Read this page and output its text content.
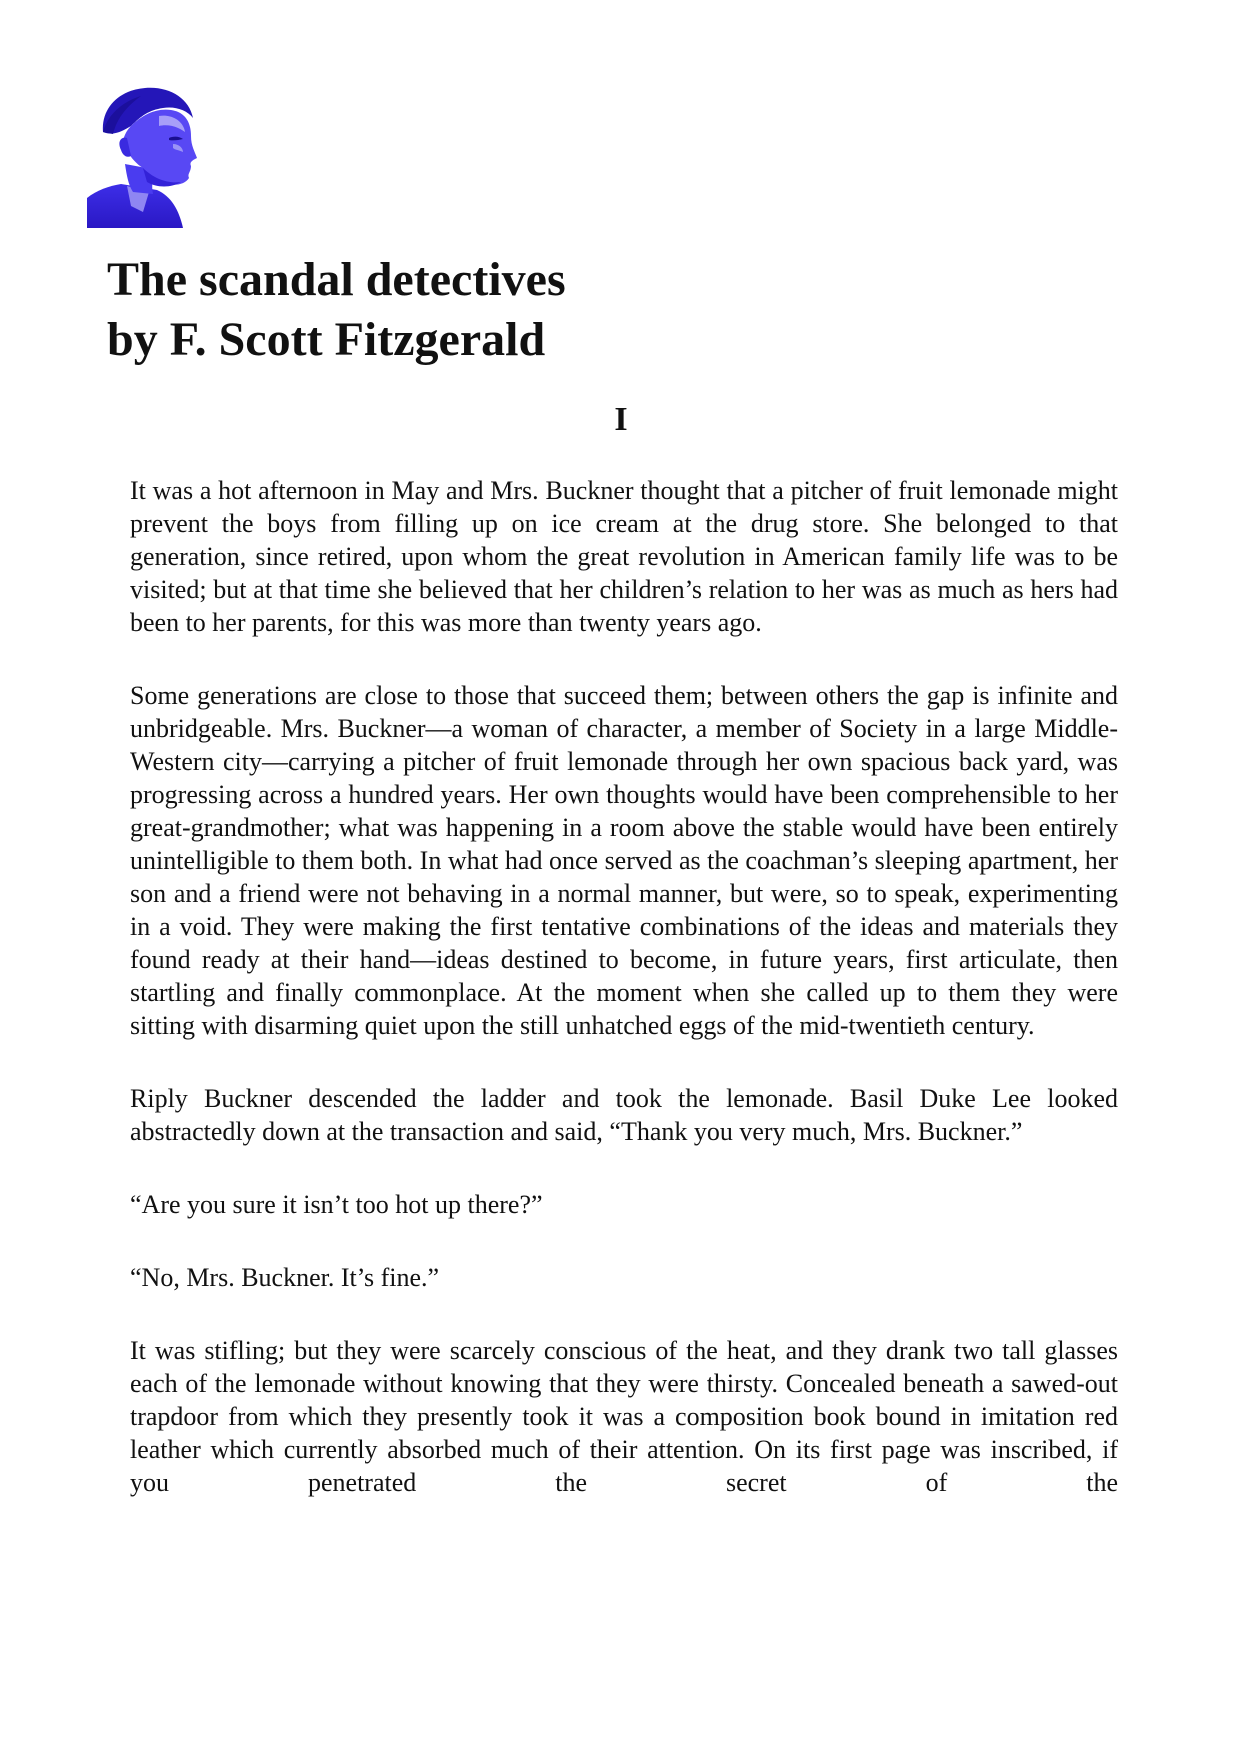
The scandal detectives
by F. Scott Fitzgerald
I

It was a hot afternoon in May and Mrs. Buckner thought that a pitcher of fruit lemonade might prevent the boys from filling up on ice cream at the drug store. She belonged to that generation, since retired, upon whom the great revolution in American family life was to be visited; but at that time she believed that her children’s relation to her was as much as hers had been to her parents, for this was more than twenty years ago.

Some generations are close to those that succeed them; between others the gap is infinite and unbridgeable. Mrs. Buckner—a woman of character, a member of Society in a large Middle-Western city—carrying a pitcher of fruit lemonade through her own spacious back yard, was progressing across a hundred years. Her own thoughts would have been comprehensible to her great-grandmother; what was happening in a room above the stable would have been entirely unintelligible to them both. In what had once served as the coachman’s sleeping apartment, her son and a friend were not behaving in a normal manner, but were, so to speak, experimenting in a void. They were making the first tentative combinations of the ideas and materials they found ready at their hand—ideas destined to become, in future years, first articulate, then startling and finally commonplace. At the moment when she called up to them they were sitting with disarming quiet upon the still unhatched eggs of the mid-twentieth century.

Riply Buckner descended the ladder and took the lemonade. Basil Duke Lee looked abstractedly down at the transaction and said, “Thank you very much, Mrs. Buckner.”

“Are you sure it isn’t too hot up there?”

“No, Mrs. Buckner. It’s fine.”

It was stifling; but they were scarcely conscious of the heat, and they drank two tall glasses each of the lemonade without knowing that they were thirsty. Concealed beneath a sawed-out trapdoor from which they presently took it was a composition book bound in imitation red leather which currently absorbed much of their attention. On its first page was inscribed, if you penetrated the secret of the
